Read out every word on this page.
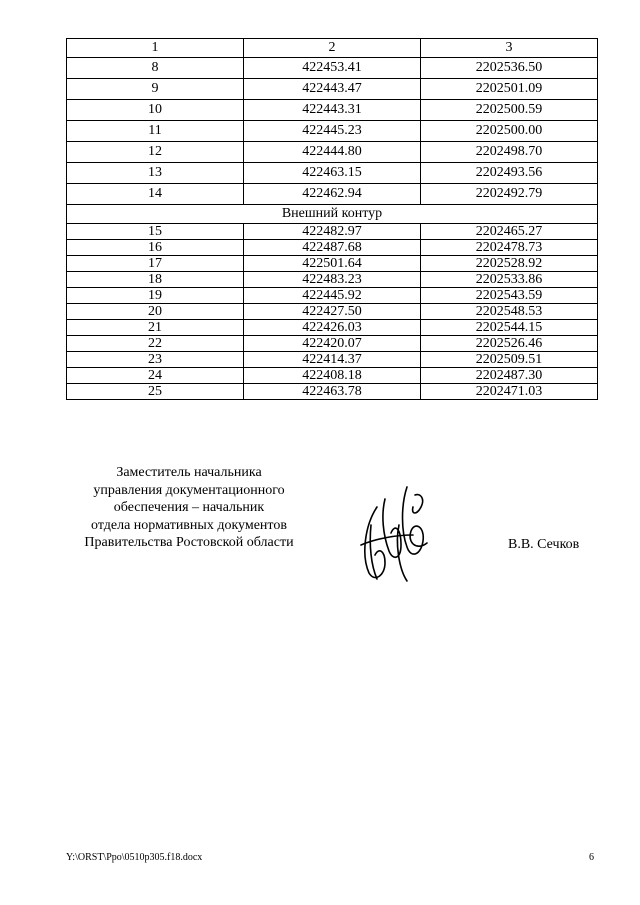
1	2	3
8	422453.41	2202536.50
9	422443.47	2202501.09
10	422443.31	2202500.59
11	422445.23	2202500.00
12	422444.80	2202498.70
13	422463.15	2202493.56
14	422462.94	2202492.79
Внешний контур		
15	422482.97	2202465.27
16	422487.68	2202478.73
17	422501.64	2202528.92
18	422483.23	2202533.86
19	422445.92	2202543.59
20	422427.50	2202548.53
21	422426.03	2202544.15
22	422420.07	2202526.46
23	422414.37	2202509.51
24	422408.18	2202487.30
25	422463.78	2202471.03
Заместитель начальника
управления документационного
обеспечения – начальник
отдела нормативных документов
Правительства Ростовской области	В.В. Сечков
Y:\ORST\Ppo\0510p305.f18.docx	6
